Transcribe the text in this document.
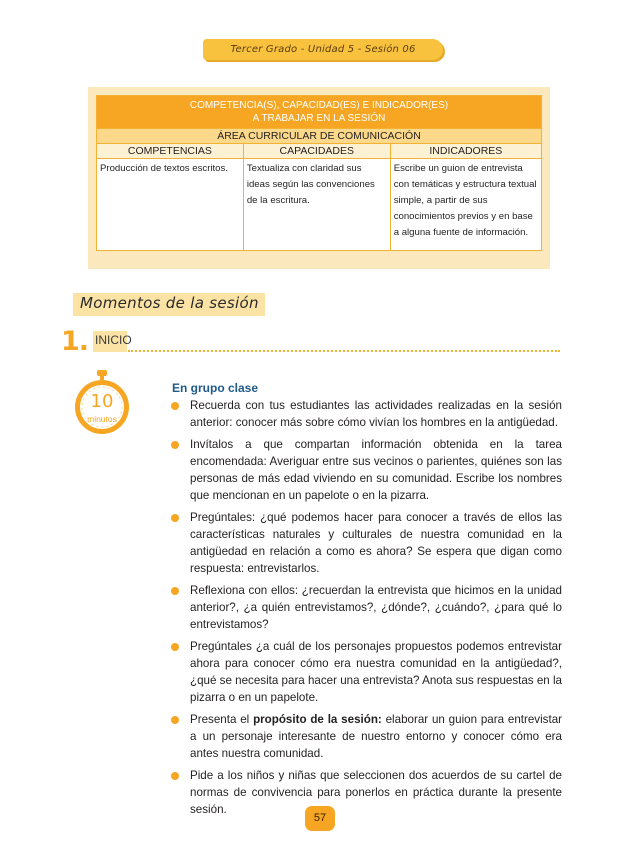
Tercer Grado - Unidad 5 - Sesión 06
COMPETENCIA(S), CAPACIDAD(ES) E INDICADOR(ES)
A TRABAJAR EN LA SESIÓN		
ÁREA CURRICULAR DE COMUNICACIÓN		
COMPETENCIAS	CAPACIDADES	INDICADORES
Producción de textos escritos.	Textualiza con claridad sus ideas según las convenciones de la escritura.	Escribe un guion de entrevista con temáticas y estructura textual simple, a partir de sus conocimientos previos y en base a alguna fuente de información.
Momentos de la sesión
1. INICIO
10
minutos
En grupo clase
Recuerda con tus estudiantes las actividades realizadas en la sesión anterior: conocer más sobre cómo vivían los hombres en la antigüedad.
Invítalos a que compartan información obtenida en la tarea encomendada: Averiguar entre sus vecinos o parientes, quiénes son las personas de más edad viviendo en su comunidad. Escribe los nombres que mencionan en un papelote o en la pizarra.
Pregúntales: ¿qué podemos hacer para conocer a través de ellos las características naturales y culturales de nuestra comunidad en la antigüedad en relación a como es ahora? Se espera que digan como respuesta: entrevistarlos.
Reflexiona con ellos: ¿recuerdan la entrevista que hicimos en la unidad anterior?, ¿a quién entrevistamos?, ¿dónde?, ¿cuándo?, ¿para qué lo entrevistamos?
Pregúntales ¿a cuál de los personajes propuestos podemos entrevistar ahora para conocer cómo era nuestra comunidad en la antigüedad?, ¿qué se necesita para hacer una entrevista? Anota sus respuestas en la pizarra o en un papelote.
Presenta el propósito de la sesión: elaborar un guion para entrevistar a un personaje interesante de nuestro entorno y conocer cómo era antes nuestra comunidad.
Pide a los niños y niñas que seleccionen dos acuerdos de su cartel de normas de convivencia para ponerlos en práctica durante la presente sesión.
57
